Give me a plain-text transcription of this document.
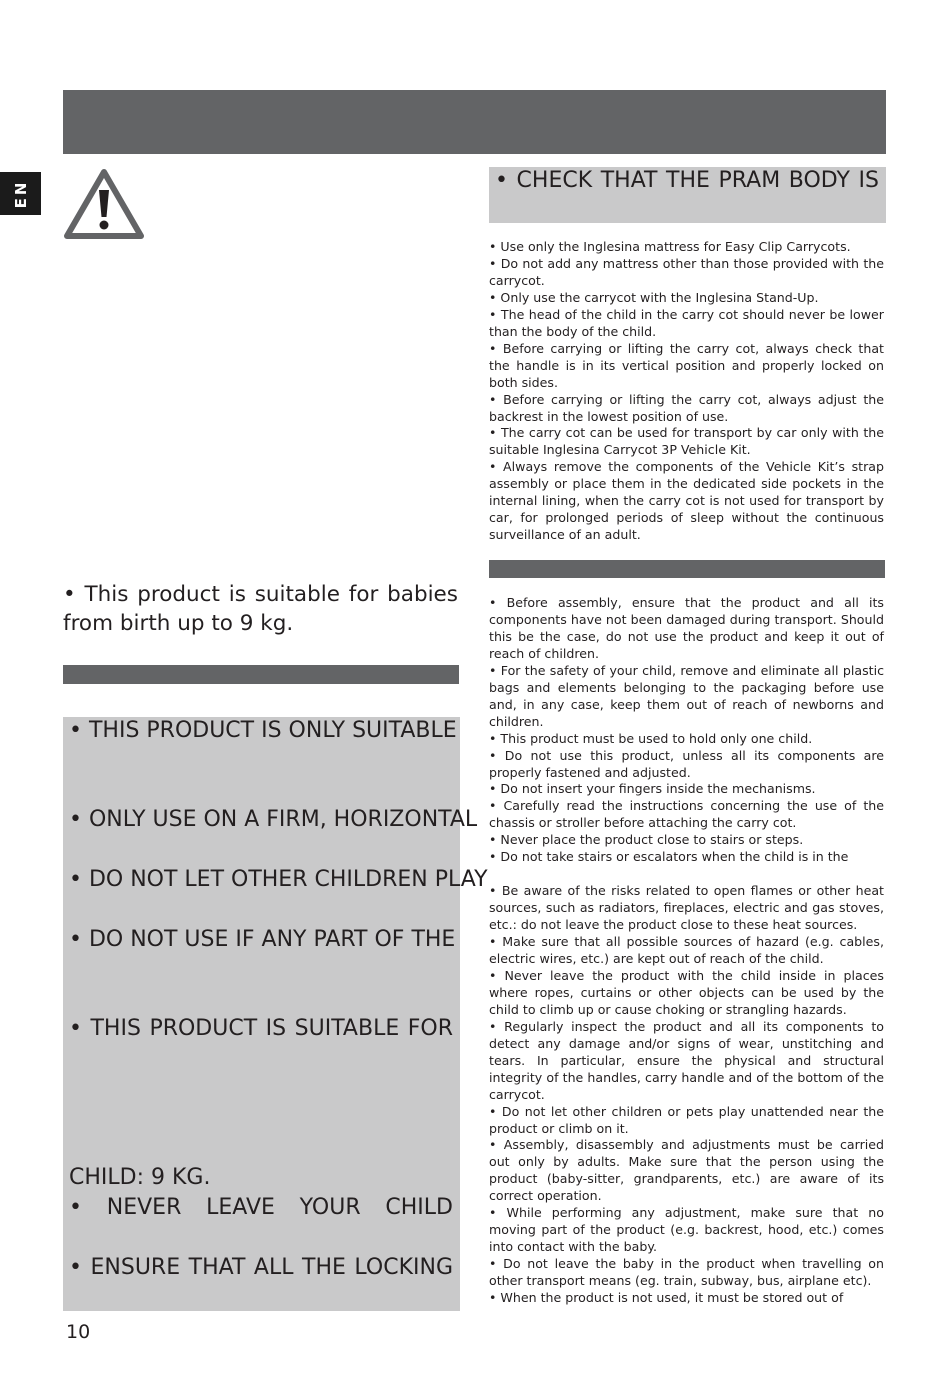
EN
• This product is suitable for babies from birth up to 9 kg.
• THIS PRODUCT IS ONLY SUITABLE
• ONLY USE ON A FIRM, HORIZONTAL
• DO NOT LET OTHER CHILDREN PLAY
• DO NOT USE IF ANY PART OF THE
• THIS PRODUCT IS SUITABLE FOR
CHILD: 9 KG.
• NEVER LEAVE YOUR CHILD
• ENSURE THAT ALL THE LOCKING
• CHECK THAT THE PRAM BODY IS

• Use only the Inglesina mattress for Easy Clip Carrycots.

• Do not add any mattress other than those provided with the carrycot.

• Only use the carrycot with the Inglesina Stand-Up.

• The head of the child in the carry cot should never be lower than the body of the child.

• Before carrying or lifting the carry cot, always check that the handle is in its vertical position and properly locked on both sides.

• Before carrying or lifting the carry cot, always adjust the backrest in the lowest position of use.

• The carry cot can be used for transport by car only with the suitable Inglesina Carrycot 3P Vehicle Kit.

• Always remove the components of the Vehicle Kit’s strap assembly or place them in the dedicated side pockets in the internal lining, when the carry cot is not used for transport by car, for prolonged periods of sleep without the continuous surveillance of an adult.

• Before assembly, ensure that the product and all its components have not been damaged during transport. Should this be the case, do not use the product and keep it out of reach of children.

• For the safety of your child, remove and eliminate all plastic bags and elements belonging to the packaging before use and, in any case, keep them out of reach of newborns and children.

• This product must be used to hold only one child.

• Do not use this product, unless all its components are properly fastened and adjusted.

• Do not insert your fingers inside the mechanisms.

• Carefully read the instructions concerning the use of the chassis or stroller before attaching the carry cot.

• Never place the product close to stairs or steps.

• Do not take stairs or escalators when the child is in the

• Be aware of the risks related to open flames or other heat sources, such as radiators, fireplaces, electric and gas stoves, etc.: do not leave the product close to these heat sources.

• Make sure that all possible sources of hazard (e.g. cables, electric wires, etc.) are kept out of reach of the child.

• Never leave the product with the child inside in places where ropes, curtains or other objects can be used by the child to climb up or cause choking or strangling hazards.

• Regularly inspect the product and all its components to detect any damage and/or signs of wear, unstitching and tears. In particular, ensure the physical and structural integrity of the handles, carry handle and of the bottom of the carrycot.

• Do not let other children or pets play unattended near the product or climb on it.

• Assembly, disassembly and adjustments must be carried out only by adults. Make sure that the person using the product (baby-sitter, grandparents, etc.) are aware of its correct operation.

• While performing any adjustment, make sure that no moving part of the product (e.g. backrest, hood, etc.) comes into contact with the baby.

• Do not leave the baby in the product when travelling on other transport means (eg. train, subway, bus, airplane etc).

• When the product is not used, it must be stored out of

10
